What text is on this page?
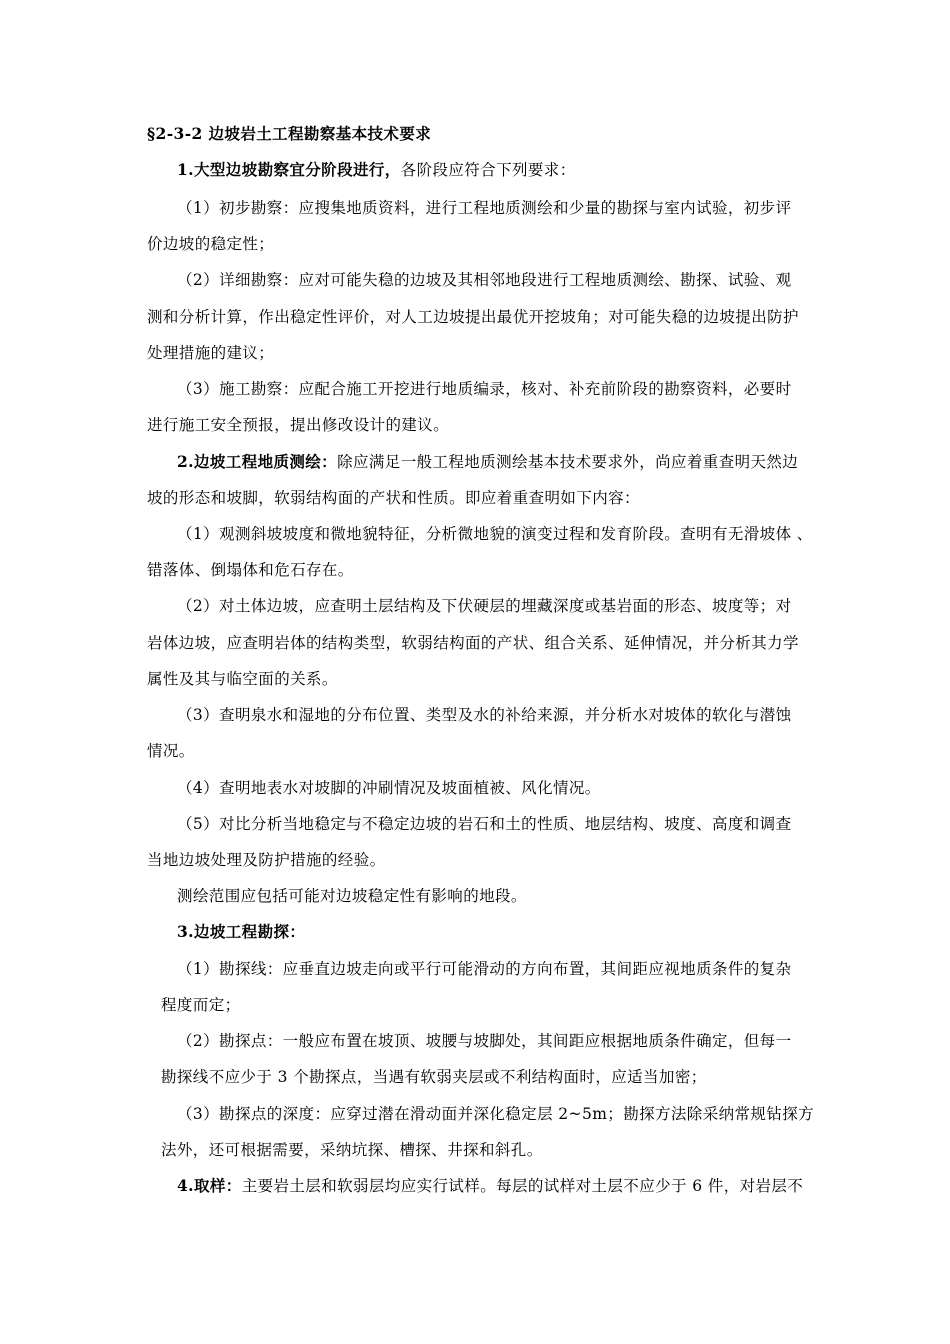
§2-3-2 边坡岩土工程勘察基本技术要求
1.大型边坡勘察宜分阶段进行，各阶段应符合下列要求：
（1）初步勘察：应搜集地质资料，进行工程地质测绘和少量的勘探与室内试验，初步评
价边坡的稳定性；
（2）详细勘察：应对可能失稳的边坡及其相邻地段进行工程地质测绘、勘探、试验、观
测和分析计算，作出稳定性评价，对人工边坡提出最优开挖坡角；对可能失稳的边坡提出防护
处理措施的建议；
（3）施工勘察：应配合施工开挖进行地质编录，核对、补充前阶段的勘察资料，必要时
进行施工安全预报，提出修改设计的建议。
2.边坡工程地质测绘：除应满足一般工程地质测绘基本技术要求外，尚应着重查明天然边
坡的形态和坡脚，软弱结构面的产状和性质。即应着重查明如下内容：
（1）观测斜坡坡度和微地貌特征，分析微地貌的演变过程和发育阶段。查明有无滑坡体 、
错落体、倒塌体和危石存在。
（2）对土体边坡，应查明土层结构及下伏硬层的埋藏深度或基岩面的形态、坡度等；对
岩体边坡，应查明岩体的结构类型，软弱结构面的产状、组合关系、延伸情况，并分析其力学
属性及其与临空面的关系。
（3）查明泉水和湿地的分布位置、类型及水的补给来源，并分析水对坡体的软化与潜蚀
情况。
（4）查明地表水对坡脚的冲刷情况及坡面植被、风化情况。
（5）对比分析当地稳定与不稳定边坡的岩石和土的性质、地层结构、坡度、高度和调查
当地边坡处理及防护措施的经验。
测绘范围应包括可能对边坡稳定性有影响的地段。
3.边坡工程勘探：
（1）勘探线：应垂直边坡走向或平行可能滑动的方向布置，其间距应视地质条件的复杂
程度而定；
（2）勘探点：一般应布置在坡顶、坡腰与坡脚处，其间距应根据地质条件确定，但每一
勘探线不应少于 3 个勘探点，当遇有软弱夹层或不利结构面时，应适当加密；
（3）勘探点的深度：应穿过潜在滑动面并深化稳定层 2~5m；勘探方法除采纳常规钻探方
法外，还可根据需要，采纳坑探、槽探、井探和斜孔。
4.取样：主要岩土层和软弱层均应实行试样。每层的试样对土层不应少于 6 件，对岩层不
